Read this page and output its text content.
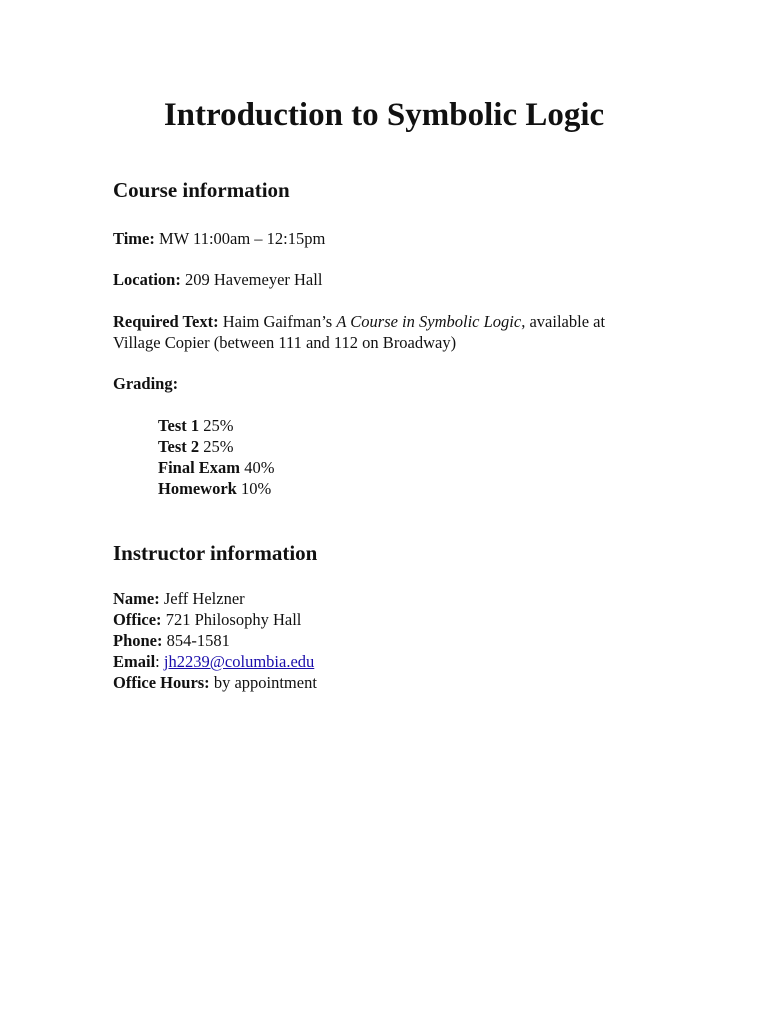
Introduction to Symbolic Logic
Course information

Time: MW 11:00am – 12:15pm

Location: 209 Havemeyer Hall

Required Text: Haim Gaifman’s A Course in Symbolic Logic, available at

Village Copier (between 111 and 112 on Broadway)

Grading:

Test 1 25%

Test 2 25%

Final Exam 40%

Homework 10%

Instructor information

Name: Jeff Helzner

Office: 721 Philosophy Hall

Phone: 854-1581

Email: jh2239@columbia.edu

Office Hours: by appointment
